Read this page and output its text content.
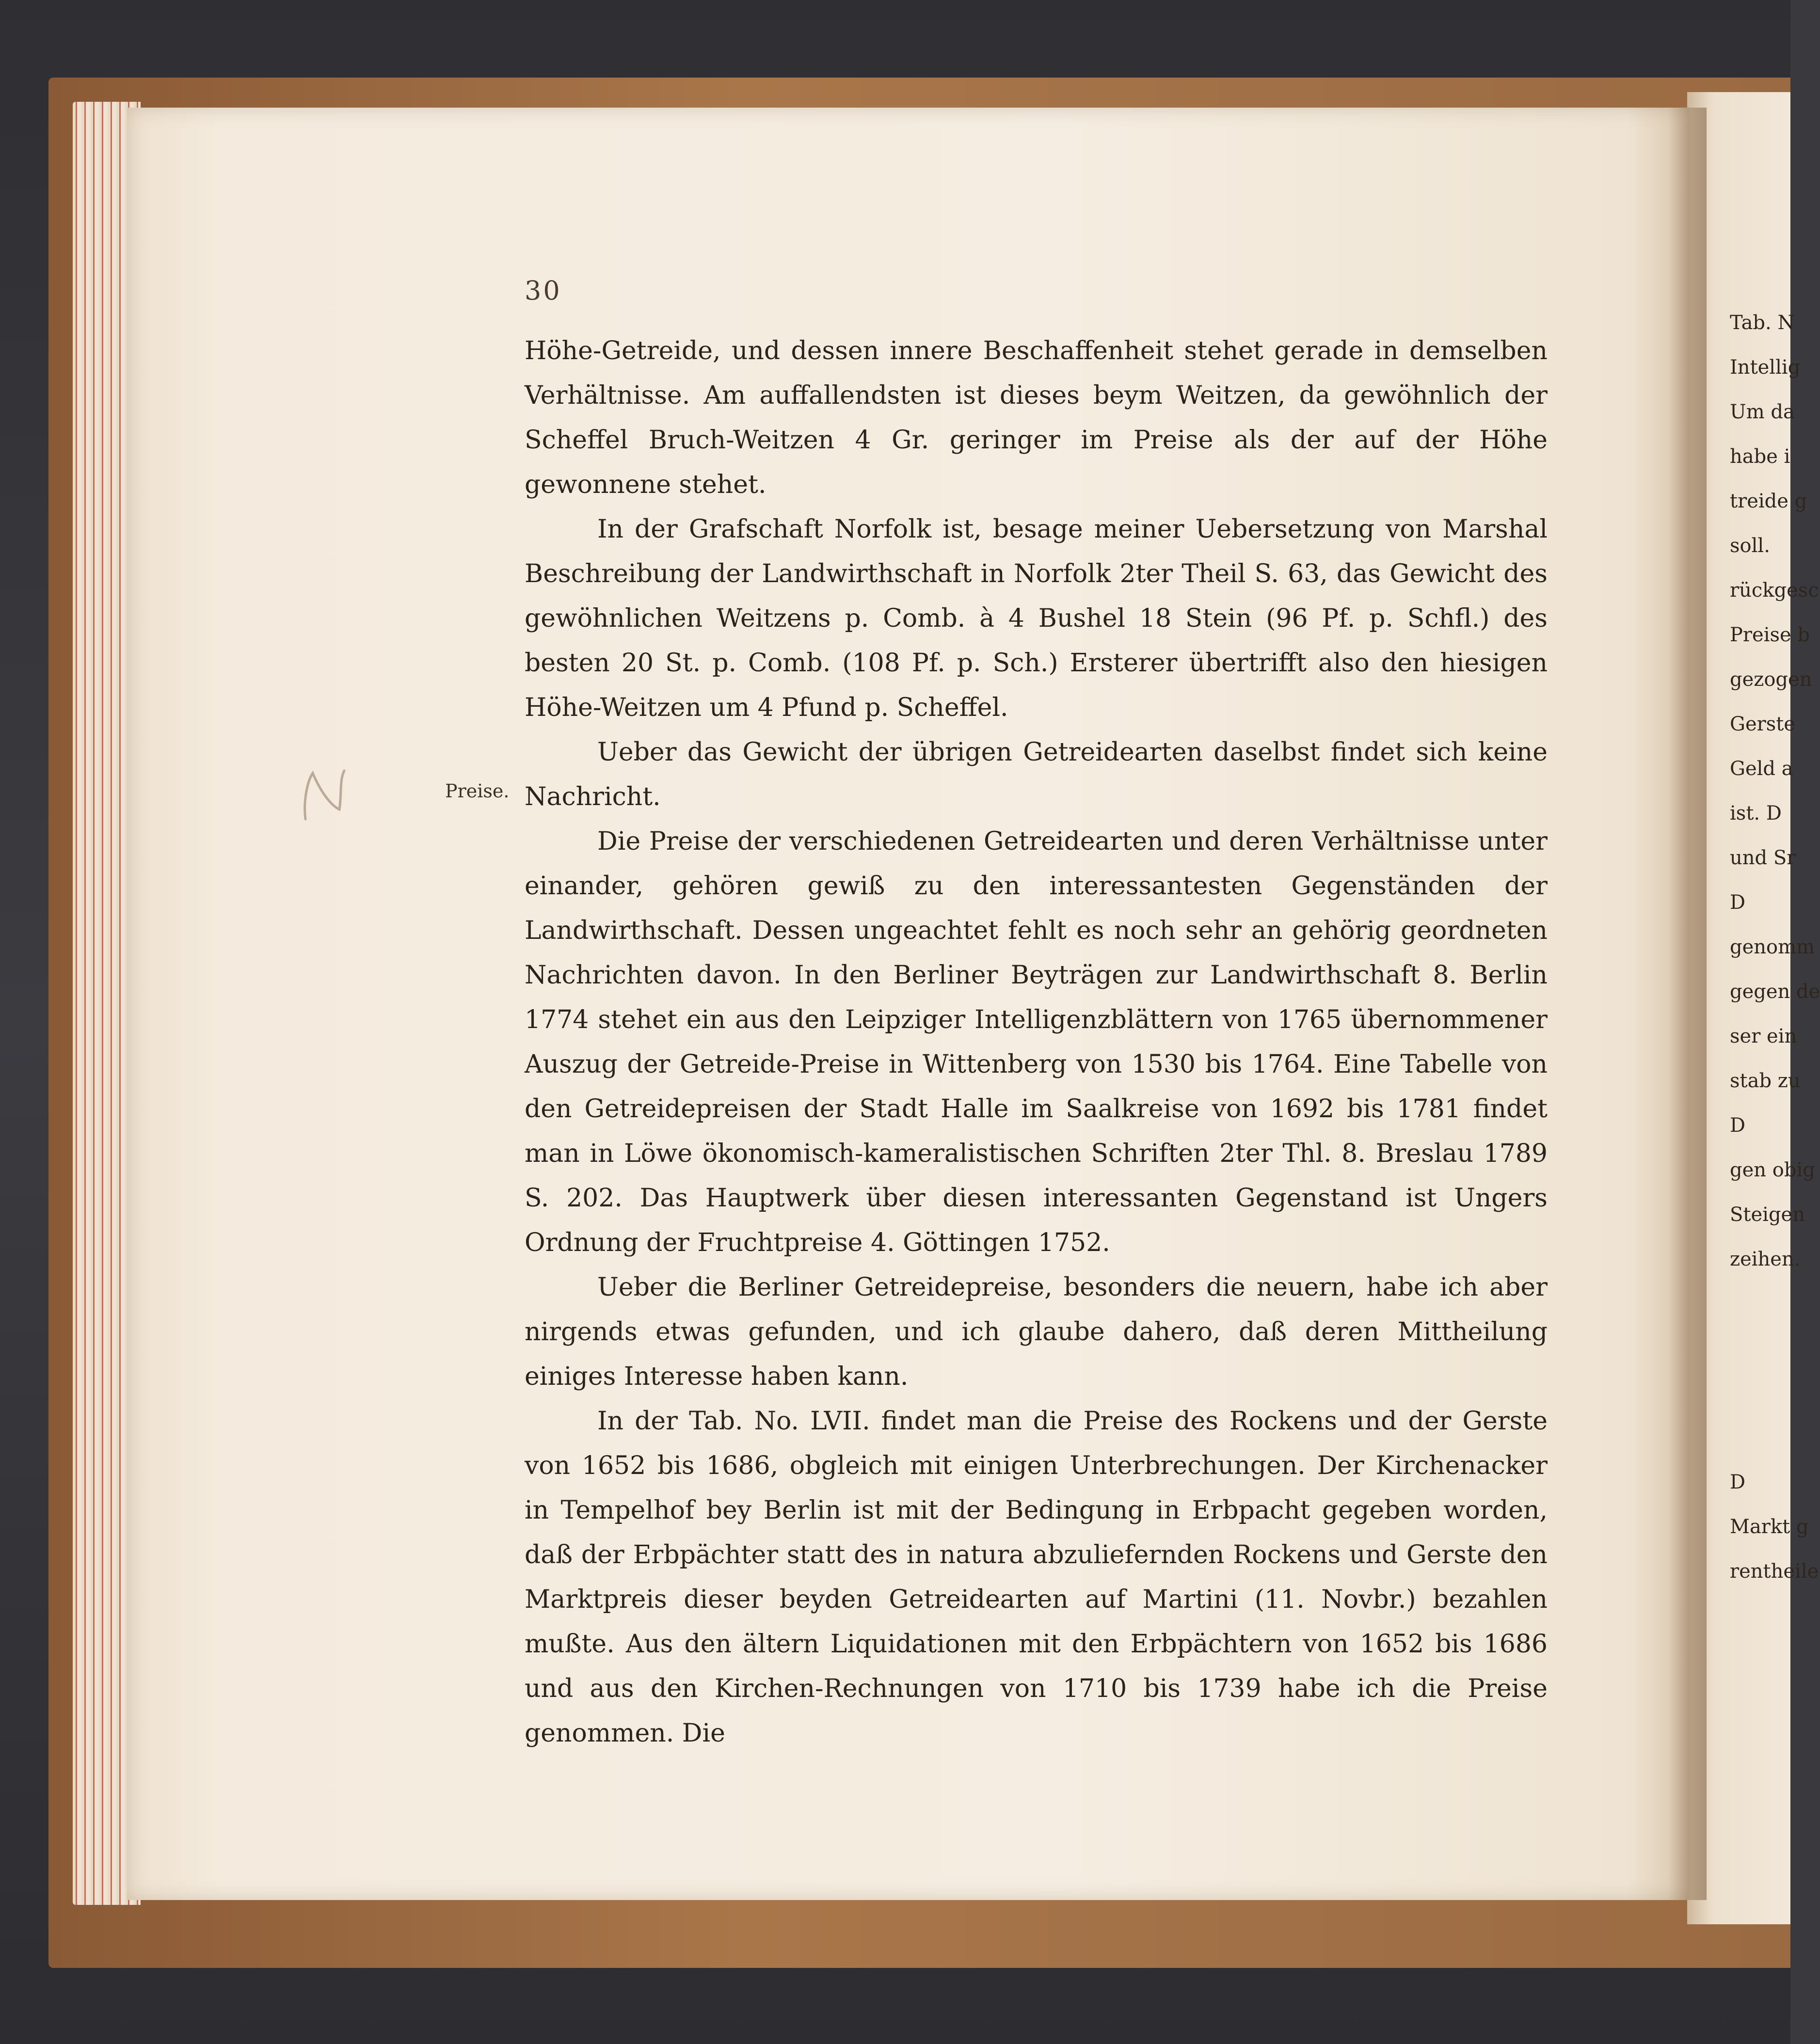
30
Preise.

Höhe-Getreide, und dessen innere Beschaffenheit stehet gerade in demselben Verhältnisse. Am auffallendsten ist dieses beym Weitzen, da gewöhnlich der Scheffel Bruch-Weitzen 4 Gr. geringer im Preise als der auf der Höhe gewonnene stehet.

In der Grafschaft Norfolk ist, besage meiner Uebersetzung von Marshal Beschreibung der Landwirthschaft in Norfolk 2ter Theil S. 63, das Gewicht des gewöhnlichen Weitzens p. Comb. à 4 Bushel 18 Stein (96 Pf. p. Schfl.) des besten 20 St. p. Comb. (108 Pf. p. Sch.) Ersterer übertrifft also den hiesigen Höhe-Weitzen um 4 Pfund p. Scheffel.

Ueber das Gewicht der übrigen Getreidearten daselbst findet sich keine Nachricht.

Die Preise der verschiedenen Getreidearten und deren Verhältnisse unter einander, gehören gewiß zu den interessantesten Gegenständen der Landwirthschaft. Dessen ungeachtet fehlt es noch sehr an gehörig geordneten Nachrichten davon. In den Berliner Beyträgen zur Landwirthschaft 8. Berlin 1774 stehet ein aus den Leipziger Intelligenzblättern von 1765 übernommener Auszug der Getreide-Preise in Wittenberg von 1530 bis 1764. Eine Tabelle von den Getreidepreisen der Stadt Halle im Saalkreise von 1692 bis 1781 findet man in Löwe ökonomisch-kameralistischen Schriften 2ter Thl. 8. Breslau 1789 S. 202. Das Hauptwerk über diesen interessanten Gegenstand ist Ungers Ordnung der Fruchtpreise 4. Göttingen 1752.

Ueber die Berliner Getreidepreise, besonders die neuern, habe ich aber nirgends etwas gefunden, und ich glaube dahero, daß deren Mittheilung einiges Interesse haben kann.

In der Tab. No. LVII. findet man die Preise des Rockens und der Gerste von 1652 bis 1686, obgleich mit einigen Unterbrechungen. Der Kirchenacker in Tempelhof bey Berlin ist mit der Bedingung in Erbpacht gegeben worden, daß der Erbpächter statt des in natura abzuliefernden Rockens und Gerste den Marktpreis dieser beyden Getreidearten auf Martini (11. Novbr.) bezahlen mußte. Aus den ältern Liquidationen mit den Erbpächtern von 1652 bis 1686 und aus den Kirchen-Rechnungen von 1710 bis 1739 habe ich die Preise genommen. Die

Tab. N
Intellig
Um da
habe i
treide g
soll.
rückgesc
Preise b
gezogen
Gerste
Geld a
ist. D
und Sr
D
genomm
gegen de
ser ein
stab zu
D
gen obig
Steigen
zeihen.
D
Markt g
rentheile
